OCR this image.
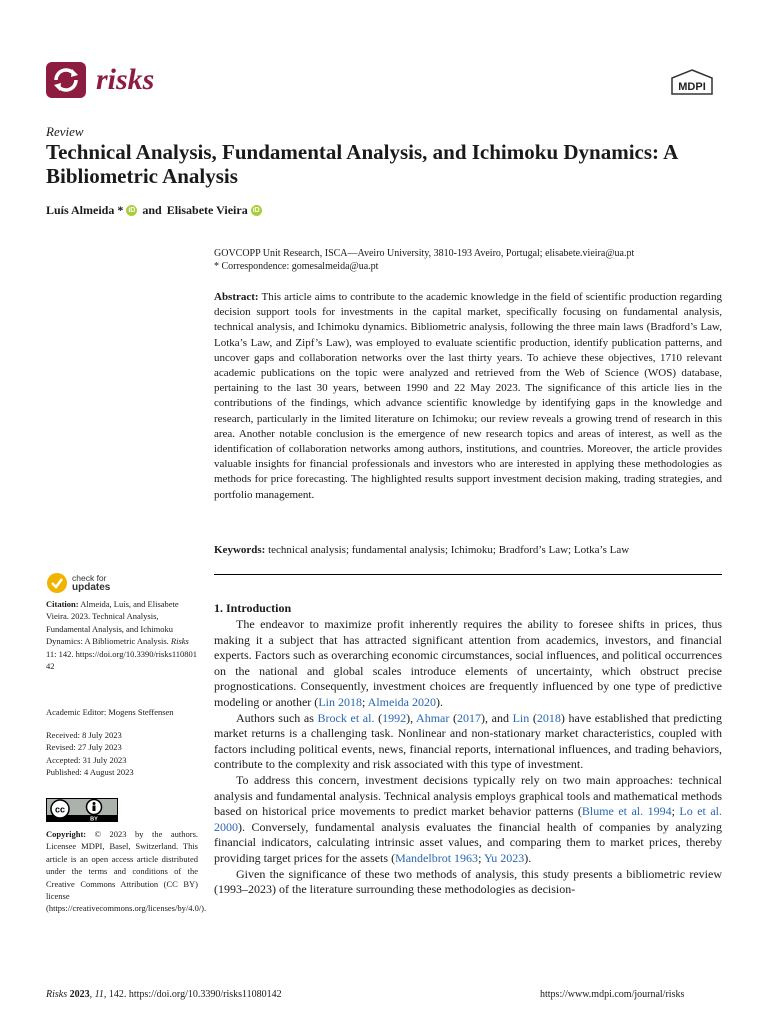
risks	MDPI
Review
Technical Analysis, Fundamental Analysis, and Ichimoku Dynamics: A Bibliometric Analysis
Luís Almeida * iD and Elisabete Vieira iD
GOVCOPP Unit Research, ISCA—Aveiro University, 3810-193 Aveiro, Portugal; elisabete.vieira@ua.pt
* Correspondence: gomesalmeida@ua.pt
Abstract: This article aims to contribute to the academic knowledge in the field of scientific production regarding decision support tools for investments in the capital market, specifically focusing on fundamental analysis, technical analysis, and Ichimoku dynamics. Bibliometric analysis, following the three main laws (Bradford’s Law, Lotka’s Law, and Zipf’s Law), was employed to evaluate scientific production, identify publication patterns, and uncover gaps and collaboration networks over the last thirty years. To achieve these objectives, 1710 relevant academic publications on the topic were analyzed and retrieved from the Web of Science (WOS) database, pertaining to the last 30 years, between 1990 and 22 May 2023. The significance of this article lies in the contributions of the findings, which advance scientific knowledge by identifying gaps in the knowledge and research, particularly in the limited literature on Ichimoku; our review reveals a growing trend of research in this area. Another notable conclusion is the emergence of new research topics and areas of interest, as well as the identification of collaboration networks among authors, institutions, and countries. Moreover, the article provides valuable insights for financial professionals and investors who are interested in applying these methodologies as methods for price forecasting. The highlighted results support investment decision making, trading strategies, and portfolio management.
Keywords: technical analysis; fundamental analysis; Ichimoku; Bradford’s Law; Lotka’s Law
check for
updates
Citation: Almeida, Luís, and Elisabete Vieira. 2023. Technical Analysis, Fundamental Analysis, and Ichimoku Dynamics: A Bibliometric Analysis. Risks 11: 142. https://doi.org/10.3390/risks11080142
Academic Editor: Mogens Steffensen
Received: 8 July 2023
Revised: 27 July 2023
Accepted: 31 July 2023
Published: 4 August 2023
cc
BY
Copyright: © 2023 by the authors. Licensee MDPI, Basel, Switzerland. This article is an open access article distributed under the terms and conditions of the Creative Commons Attribution (CC BY) license (https://creativecommons.org/licenses/by/4.0/).
1. Introduction

The endeavor to maximize profit inherently requires the ability to foresee shifts in prices, thus making it a subject that has attracted significant attention from academics, investors, and financial experts. Factors such as overarching economic circumstances, social influences, and political occurrences on the national and global scales introduce elements of uncertainty, which obstruct precise prognostications. Consequently, investment choices are frequently influenced by one type of predictive modeling or another (Lin 2018; Almeida 2020).

Authors such as Brock et al. (1992), Ahmar (2017), and Lin (2018) have established that predicting market returns is a challenging task. Nonlinear and non-stationary market characteristics, coupled with factors including political events, news, financial reports, international influences, and trading behaviors, contribute to the complexity and risk associated with this type of investment.

To address this concern, investment decisions typically rely on two main approaches: technical analysis and fundamental analysis. Technical analysis employs graphical tools and mathematical methods based on historical price movements to predict market behavior patterns (Blume et al. 1994; Lo et al. 2000). Conversely, fundamental analysis evaluates the financial health of companies by analyzing financial indicators, calculating intrinsic asset values, and comparing them to market prices, thereby providing target prices for the assets (Mandelbrot 1963; Yu 2023).

Given the significance of these two methods of analysis, this study presents a bibliometric review (1993–2023) of the literature surrounding these methodologies as decision-

Risks 2023, 11, 142. https://doi.org/10.3390/risks11080142	https://www.mdpi.com/journal/risks
